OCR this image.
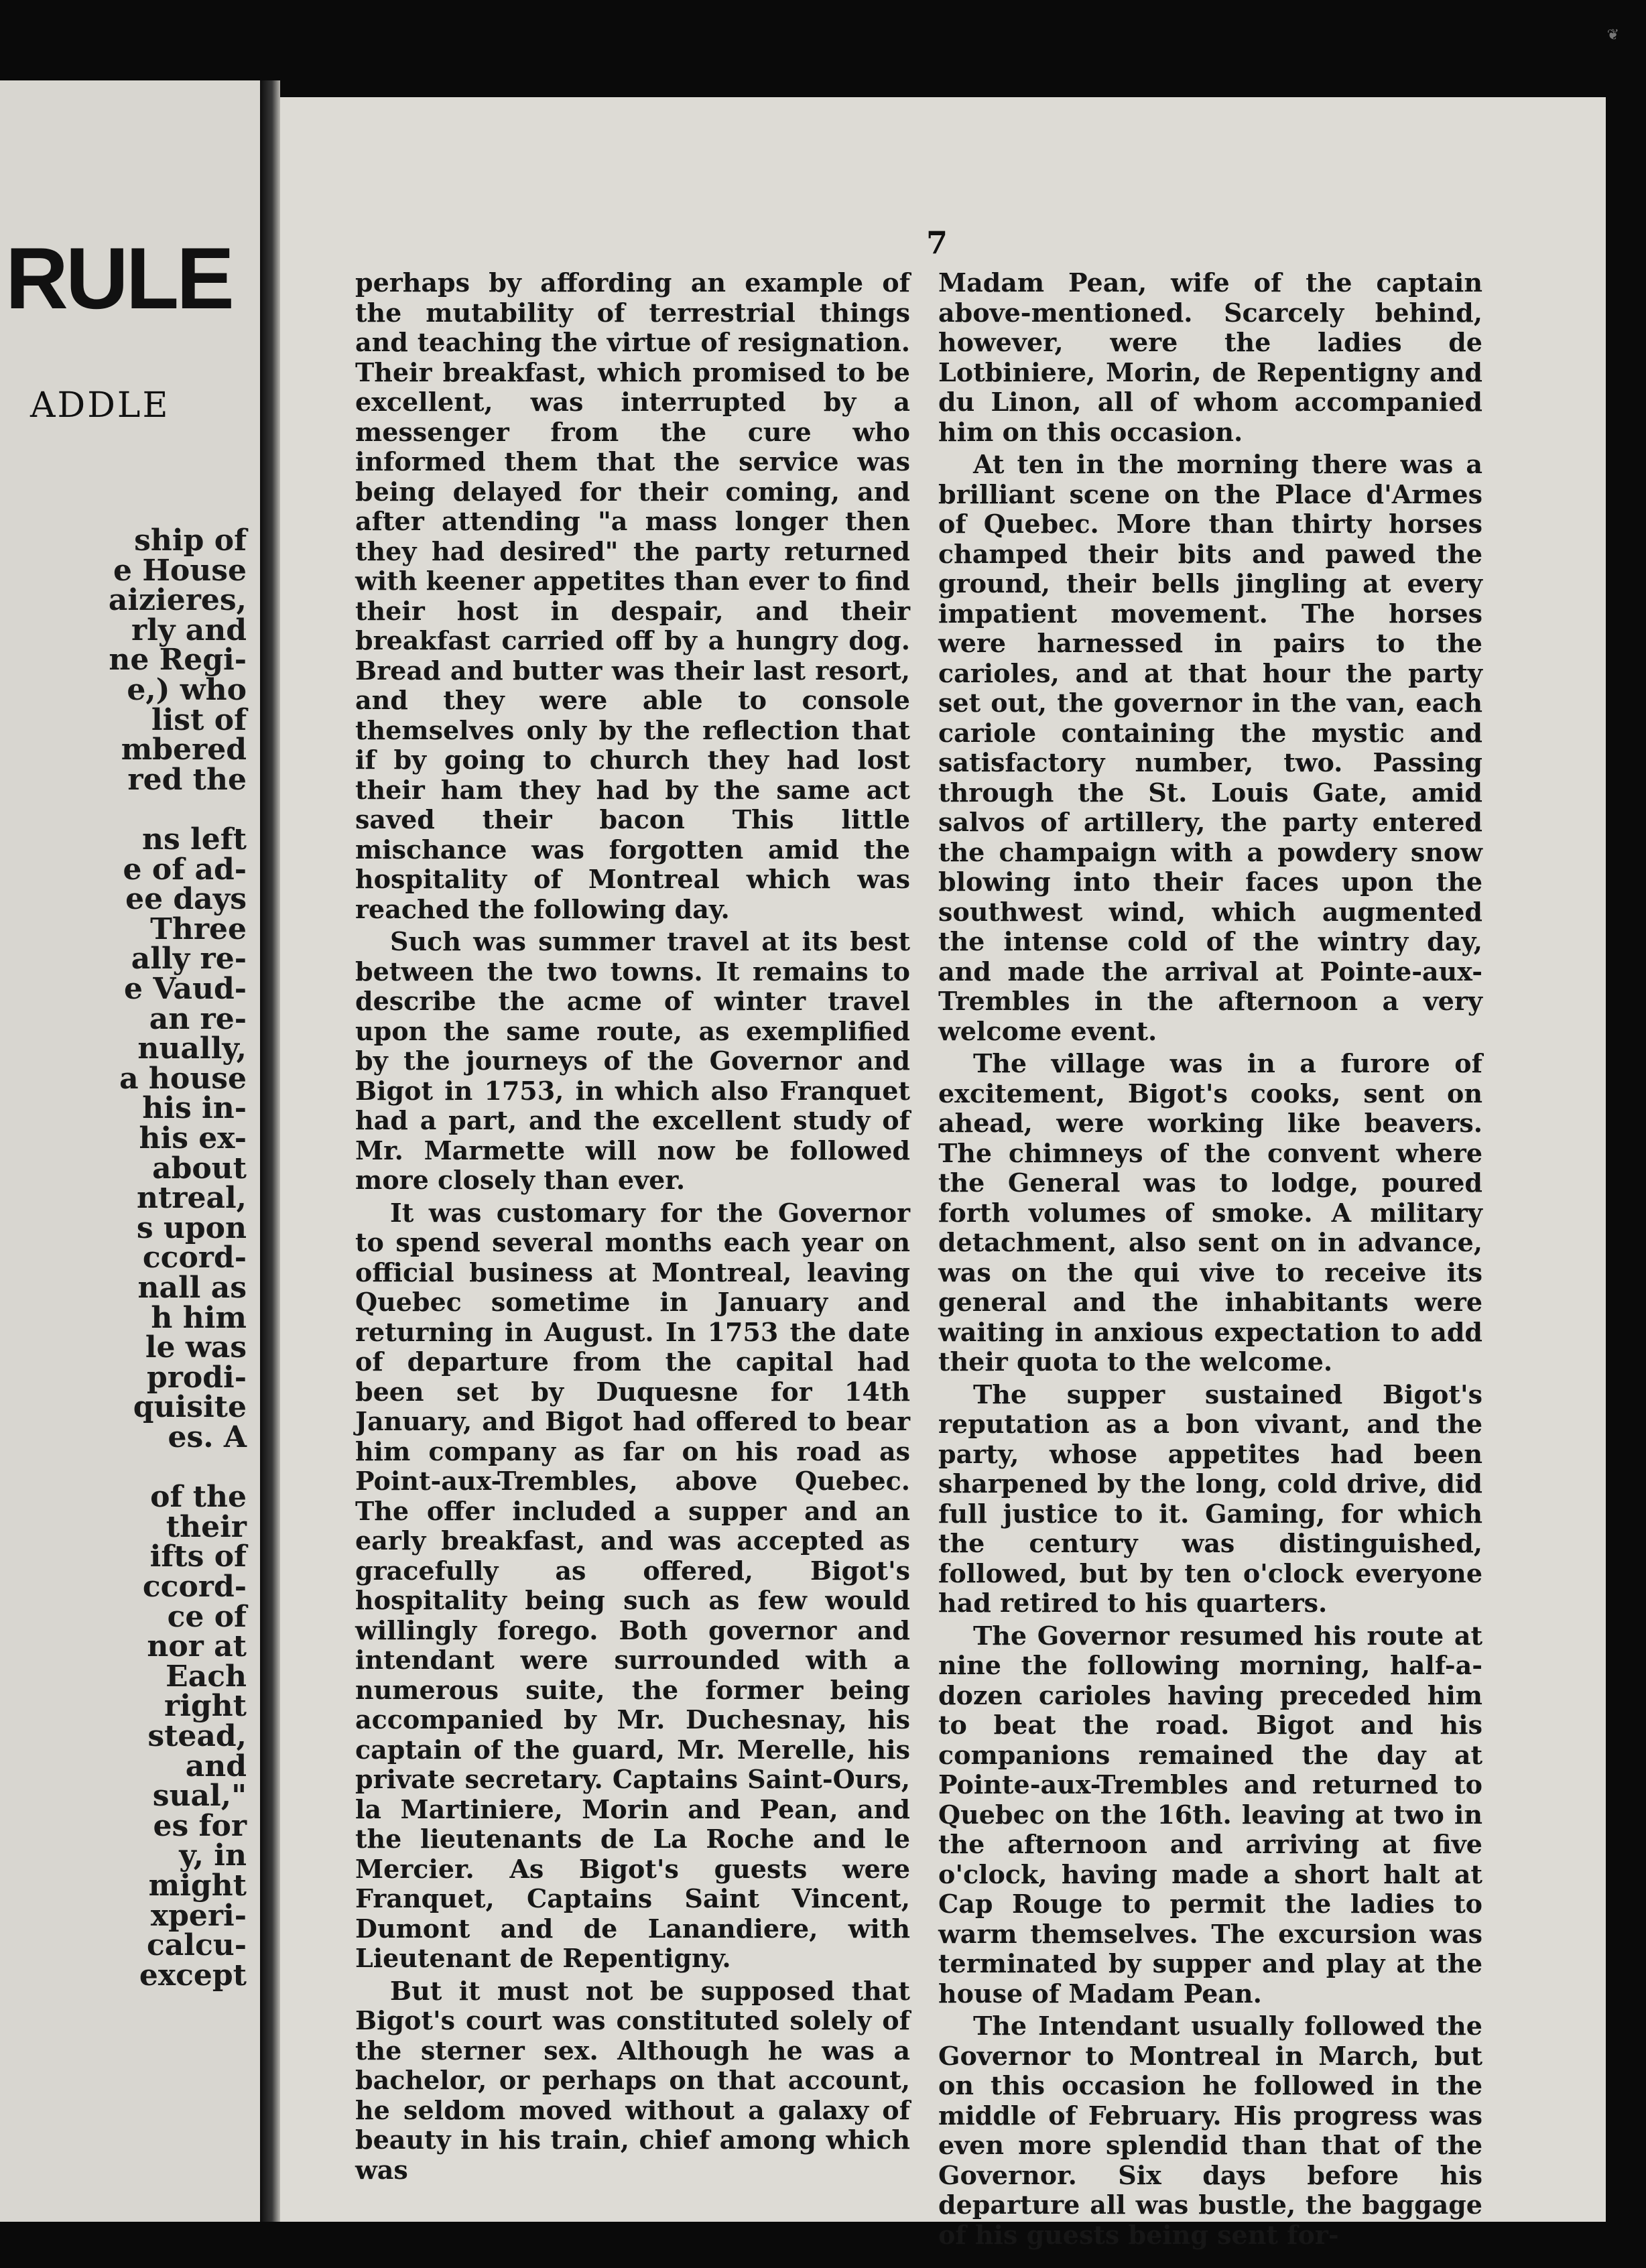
RULE
ADDLE
ship of
e House
aizieres,
rly and
ne Regi-
e,) who
list of
mbered
red the
ns left
e of ad-
ee days
Three
ally re-
e Vaud-
an re-
nually,
a house
his in-
his ex-
about
ntreal,
s upon
ccord-
nall as
h him
le was
prodi-
quisite
es. A
of the
their
ifts of
ccord-
ce of
nor at
Each
right
stead,
and
sual,"
es for
y, in
might
xperi-
calcu-
except
❦
7

perhaps by affording an example of the mutability of terrestrial things and teaching the virtue of resignation. Their breakfast, which promised to be excellent, was interrupted by a messenger from the cure who informed them that the service was being delayed for their coming, and after attending "a mass longer then they had desired" the party returned with keener appetites than ever to find their host in despair, and their breakfast carried off by a hungry dog. Bread and butter was their last resort, and they were able to console themselves only by the reflection that if by going to church they had lost their ham they had by the same act saved their bacon This little mischance was forgotten amid the hospitality of Montreal which was reached the following day.

Such was summer travel at its best between the two towns. It remains to describe the acme of winter travel upon the same route, as exemplified by the journeys of the Governor and Bigot in 1753, in which also Franquet had a part, and the excellent study of Mr. Marmette will now be followed more closely than ever.

It was customary for the Governor to spend several months each year on official business at Montreal, leaving Quebec sometime in January and returning in August. In 1753 the date of departure from the capital had been set by Duquesne for 14th January, and Bigot had offered to bear him company as far on his road as Point-aux-Trembles, above Quebec. The offer included a supper and an early breakfast, and was accepted as gracefully as offered, Bigot's hospitality being such as few would willingly forego. Both governor and intendant were surrounded with a numerous suite, the former being accompanied by Mr. Duchesnay, his captain of the guard, Mr. Merelle, his private secretary. Captains Saint-Ours, la Martiniere, Morin and Pean, and the lieutenants de La Roche and le Mercier. As Bigot's guests were Franquet, Captains Saint Vincent, Dumont and de Lanandiere, with Lieutenant de Repentigny.

But it must not be supposed that Bigot's court was constituted solely of the sterner sex. Although he was a bachelor, or perhaps on that account, he seldom moved without a galaxy of beauty in his train, chief among which was

Madam Pean, wife of the captain above-mentioned. Scarcely behind, however, were the ladies de Lotbiniere, Morin, de Repentigny and du Linon, all of whom accompanied him on this occasion.

At ten in the morning there was a brilliant scene on the Place d'Armes of Quebec. More than thirty horses champed their bits and pawed the ground, their bells jingling at every impatient movement. The horses were harnessed in pairs to the carioles, and at that hour the party set out, the governor in the van, each cariole containing the mystic and satisfactory number, two. Passing through the St. Louis Gate, amid salvos of artillery, the party entered the champaign with a powdery snow blowing into their faces upon the southwest wind, which augmented the intense cold of the wintry day, and made the arrival at Pointe-aux-Trembles in the afternoon a very welcome event.

The village was in a furore of excitement, Bigot's cooks, sent on ahead, were working like beavers. The chimneys of the convent where the General was to lodge, poured forth volumes of smoke. A military detachment, also sent on in advance, was on the qui vive to receive its general and the inhabitants were waiting in anxious expectation to add their quota to the welcome.

The supper sustained Bigot's reputation as a bon vivant, and the party, whose appetites had been sharpened by the long, cold drive, did full justice to it. Gaming, for which the century was distinguished, followed, but by ten o'clock everyone had retired to his quarters.

The Governor resumed his route at nine the following morning, half-a-dozen carioles having preceded him to beat the road. Bigot and his companions remained the day at Pointe-aux-Trembles and returned to Quebec on the 16th. leaving at two in the afternoon and arriving at five o'clock, having made a short halt at Cap Rouge to permit the ladies to warm themselves. The excursion was terminated by supper and play at the house of Madam Pean.

The Intendant usually followed the Governor to Montreal in March, but on this occasion he followed in the middle of February. His progress was even more splendid than that of the Governor. Six days before his departure all was bustle, the baggage of his guests being sent for-
